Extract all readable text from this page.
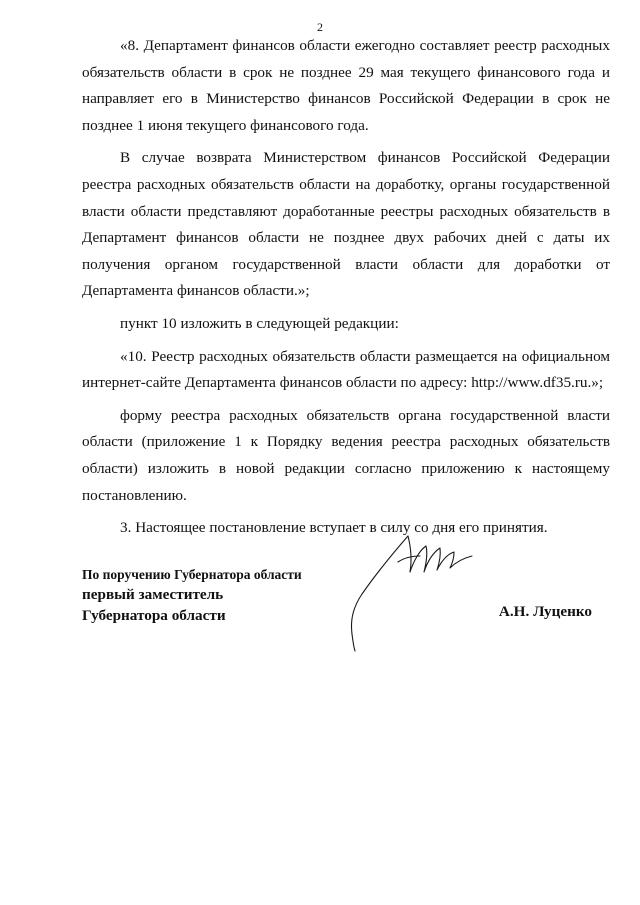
2

«8. Департамент финансов области ежегодно составляет реестр расходных обязательств области в срок не позднее 29 мая текущего финансового года и направляет его в Министерство финансов Российской Федерации в срок не позднее 1 июня текущего финансового года.

В случае возврата Министерством финансов Российской Федерации реестра расходных обязательств области на доработку, органы государственной власти области представляют доработанные реестры расходных обязательств в Департамент финансов области не позднее двух рабочих дней с даты их получения органом государственной власти области для доработки от Департамента финансов области.»;

пункт 10 изложить в следующей редакции:

«10. Реестр расходных обязательств области размещается на официальном интернет-сайте Департамента финансов области по адресу: http://www.df35.ru.»;

форму реестра расходных обязательств органа государственной власти области (приложение 1 к Порядку ведения реестра расходных обязательств области) изложить в новой редакции согласно приложению к настоящему постановлению.

3. Настоящее постановление вступает в силу со дня его принятия.

По поручению Губернатора области
первый заместитель
Губернатора области	А.Н. Луценко
